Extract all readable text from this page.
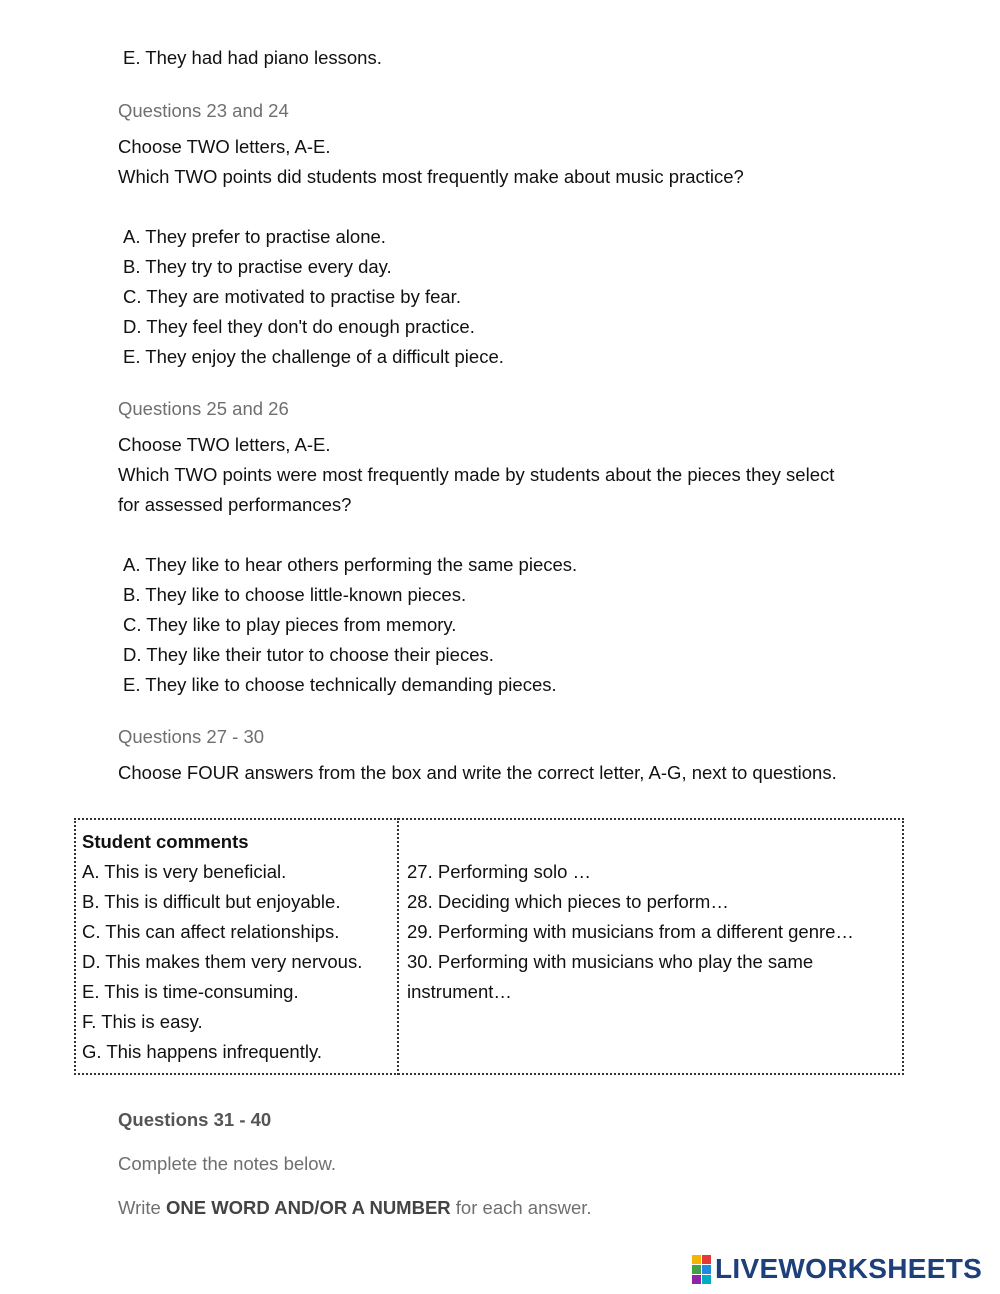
E. They had had piano lessons.
Questions 23 and 24
Choose TWO letters, A-E.
Which TWO points did students most frequently make about music practice?
A. They prefer to practise alone.
B. They try to practise every day.
C. They are motivated to practise by fear.
D. They feel they don't do enough practice.
E. They enjoy the challenge of a difficult piece.
Questions 25 and 26
Choose TWO letters, A-E.
Which TWO points were most frequently made by students about the pieces they select
for assessed performances?
A. They like to hear others performing the same pieces.
B. They like to choose little-known pieces.
C. They like to play pieces from memory.
D. They like their tutor to choose their pieces.
E. They like to choose technically demanding pieces.
Questions 27 - 30
Choose FOUR answers from the box and write the correct letter, A-G, next to questions.
Student comments
A. This is very beneficial.
B. This is difficult but enjoyable.
C. This can affect relationships.
D. This makes them very nervous.
E. This is time-consuming.
F. This is easy.
G. This happens infrequently.
27. Performing solo …
28. Deciding which pieces to perform…
29. Performing with musicians from a different genre…
30. Performing with musicians who play the same
instrument…
Questions 31 - 40
Complete the notes below.
Write ONE WORD AND/OR A NUMBER for each answer.
LIVEWORKSHEETS
